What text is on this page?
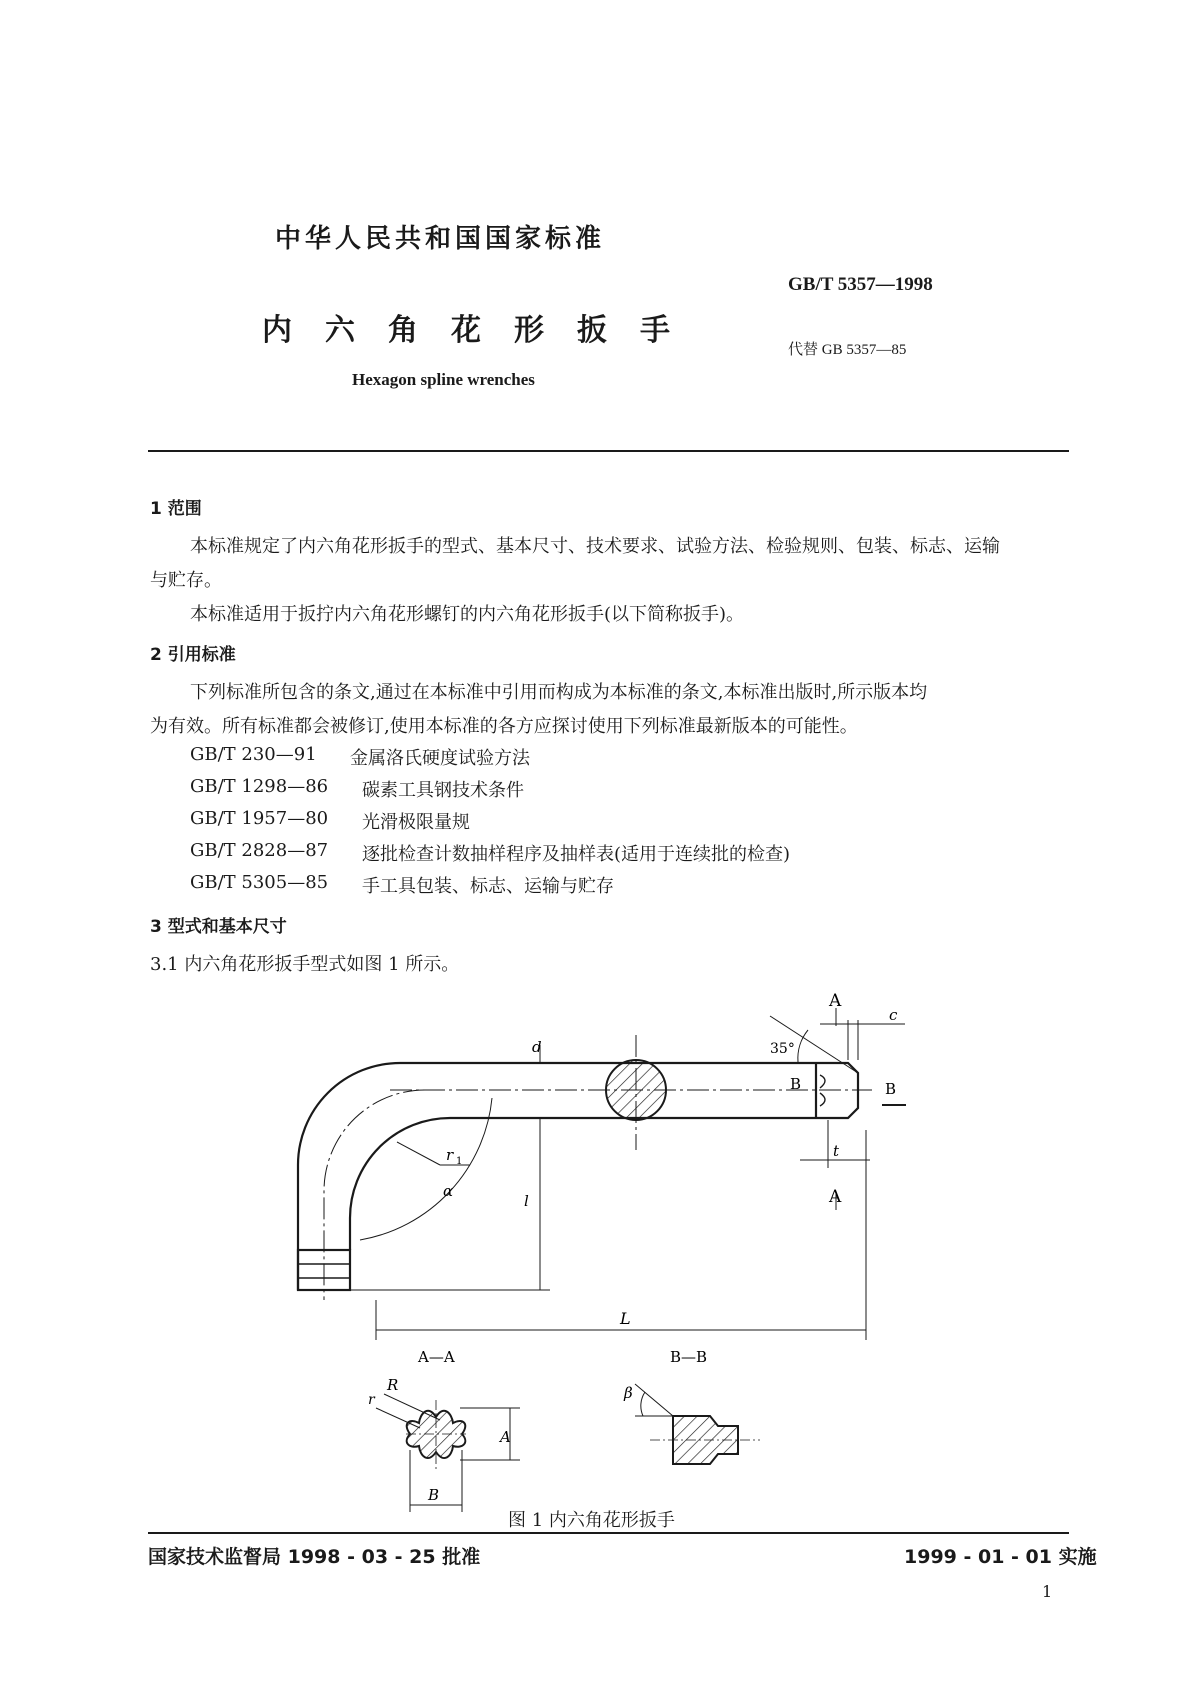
中华人民共和国国家标准
内六角花形扳手
Hexagon spline wrenches
GB/T 5357—1998
代替 GB 5357—85
1 范围
本标准规定了内六角花形扳手的型式、基本尺寸、技术要求、试验方法、检验规则、包装、标志、运输
与贮存。
本标准适用于扳拧内六角花形螺钉的内六角花形扳手(以下简称扳手)。
2 引用标准
下列标准所包含的条文,通过在本标准中引用而构成为本标准的条文,本标准出版时,所示版本均
为有效。所有标准都会被修订,使用本标准的各方应探讨使用下列标准最新版本的可能性。
GB/T 230—91	金属洛氏硬度试验方法
GB/T 1298—86	碳素工具钢技术条件
GB/T 1957—80	光滑极限量规
GB/T 2828—87	逐批检查计数抽样程序及抽样表(适用于连续批的检查)
GB/T 5305—85	手工具包装、标志、运输与贮存
3 型式和基本尺寸
3.1 内六角花形扳手型式如图 1 所示。
A
A
c
35°
d
B	B
t
r 1
α
l
L
A—A	B—B
R
r
A
B
β
图 1 内六角花形扳手
国家技术监督局 1998 - 03 - 25 批准	1999 - 01 - 01 实施
1
